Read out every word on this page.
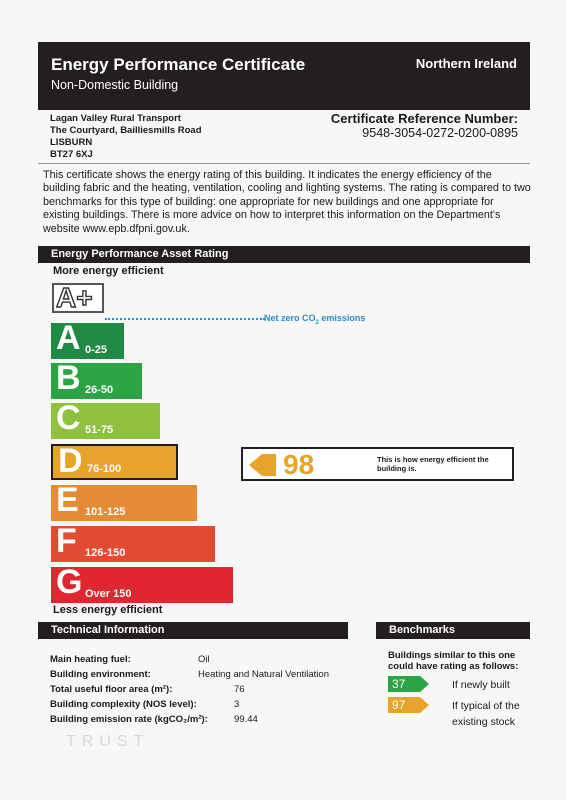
Energy Performance Certificate
Non-Domestic Building
Northern Ireland
Lagan Valley Rural Transport
The Courtyard, Bailliesmills Road
LISBURN
BT27 6XJ
Certificate Reference Number:
9548-3054-0272-0200-0895
This certificate shows the energy rating of this building. It indicates the energy efficiency of the building fabric and the heating, ventilation, cooling and lighting systems. The rating is compared to two benchmarks for this type of building: one appropriate for new buildings and one appropriate for existing buildings. There is more advice on how to interpret this information on the Department's website www.epb.dfpni.gov.uk.
Energy Performance Asset Rating
More energy efficient
A+
Net zero $CO_2$ emissions
A 0-25
B 26-50
C 51-75
D 76-100
E 101-125
F 126-150
G Over 150
98	This is how energy efficient the building is.
Less energy efficient
Technical Information
Main heating fuel:	Oil
Building environment:	Heating and Natural Ventilation
Total useful floor area (m²):	76
Building complexity (NOS level):	3
Building emission rate (kgCO₂/m²):	99.44
Benchmarks
Buildings similar to this one could have rating as follows:
37	If newly built
97	If typical of the existing stock
TRUST
